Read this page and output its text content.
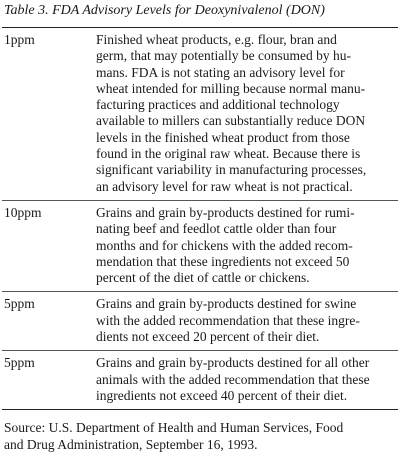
Table 3. FDA Advisory Levels for Deoxynivalenol (DON)
1ppm	Finished wheat products, e.g. flour, bran and
germ, that may potentially be consumed by hu-
mans. FDA is not stating an advisory level for
wheat intended for milling because normal manu-
facturing practices and additional technology
available to millers can substantially reduce DON
levels in the finished wheat product from those
found in the original raw wheat. Because there is
significant variability in manufacturing processes,
an advisory level for raw wheat is not practical.
10ppm	Grains and grain by-products destined for rumi-
nating beef and feedlot cattle older than four
months and for chickens with the added recom-
mendation that these ingredients not exceed 50
percent of the diet of cattle or chickens.
5ppm	Grains and grain by-products destined for swine
with the added recommendation that these ingre-
dients not exceed 20 percent of their diet.
5ppm	Grains and grain by-products destined for all other
animals with the added recommendation that these
ingredients not exceed 40 percent of their diet.
Source: U.S. Department of Health and Human Services, Food
and Drug Administration, September 16, 1993.
